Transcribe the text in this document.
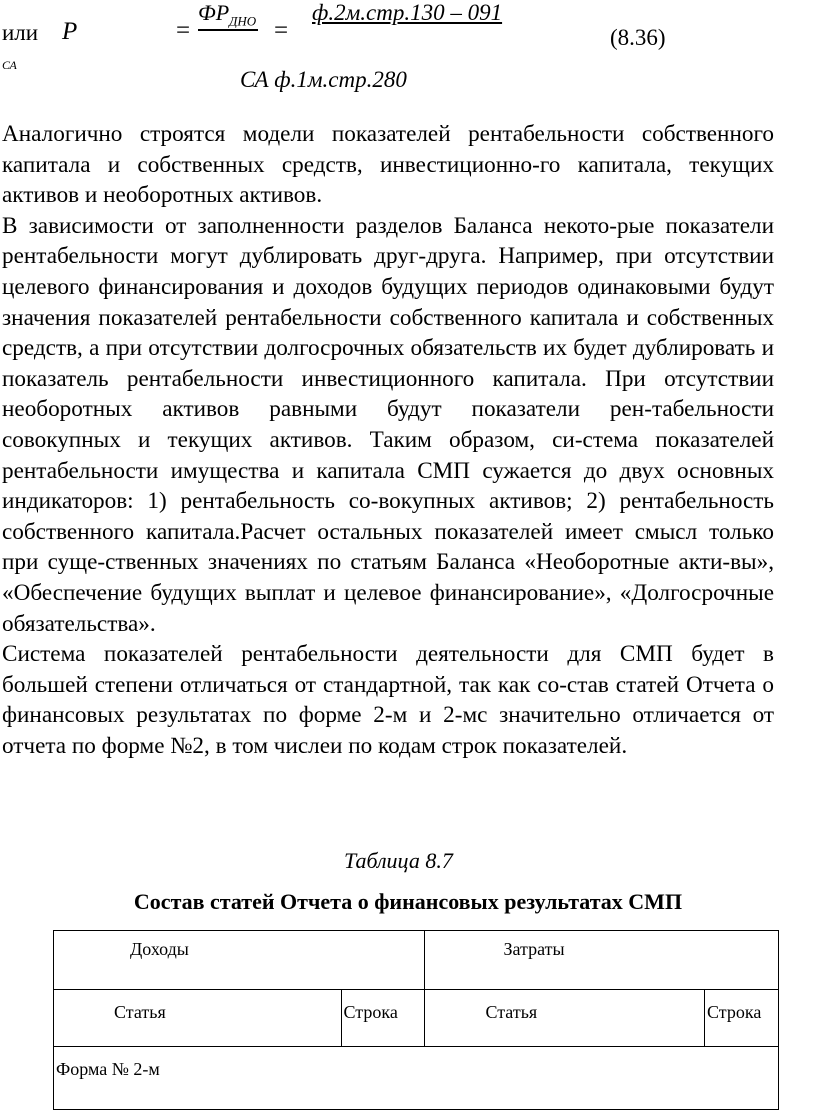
или Р
СА
=
$ФР_{ДНО}$ =
ф.2м.стр.130 – 091
СА ф.1м.стр.280
(8.36)

Аналогично строятся модели показателей рентабельности собственного капитала и собственных средств, инвестиционно-го капитала, текущих активов и необоротных активов.

В зависимости от заполненности разделов Баланса некото-рые показатели рентабельности могут дублировать друг-друга. Например, при отсутствии целевого финансирования и доходов будущих периодов одинаковыми будут значения показателей рентабельности собственного капитала и собственных средств, а при отсутствии долгосрочных обязательств их будет дублировать и показатель рентабельности инвестиционного капитала. При отсутствии необоротных активов равными будут показатели рен-табельности совокупных и текущих активов. Таким образом, си-стема показателей рентабельности имущества и капитала СМП сужается до двух основных индикаторов: 1) рентабельность со-вокупных активов; 2) рентабельность собственного капитала.Расчет остальных показателей имеет смысл только при суще-ственных значениях по статьям Баланса «Необоротные акти-вы», «Обеспечение будущих выплат и целевое финансирование», «Долгосрочные обязательства».

Система показателей рентабельности деятельности для СМП будет в большей степени отличаться от стандартной, так как со-став статей Отчета о финансовых результатах по форме 2-м и 2-мс значительно отличается от отчета по форме №2, в том числеи по кодам строк показателей.

Таблица 8.7
Состав статей Отчета о финансовых результатах СМП
Доходы		Затраты	
Статья	Строка	Статья	Строка
Форма № 2-м			
